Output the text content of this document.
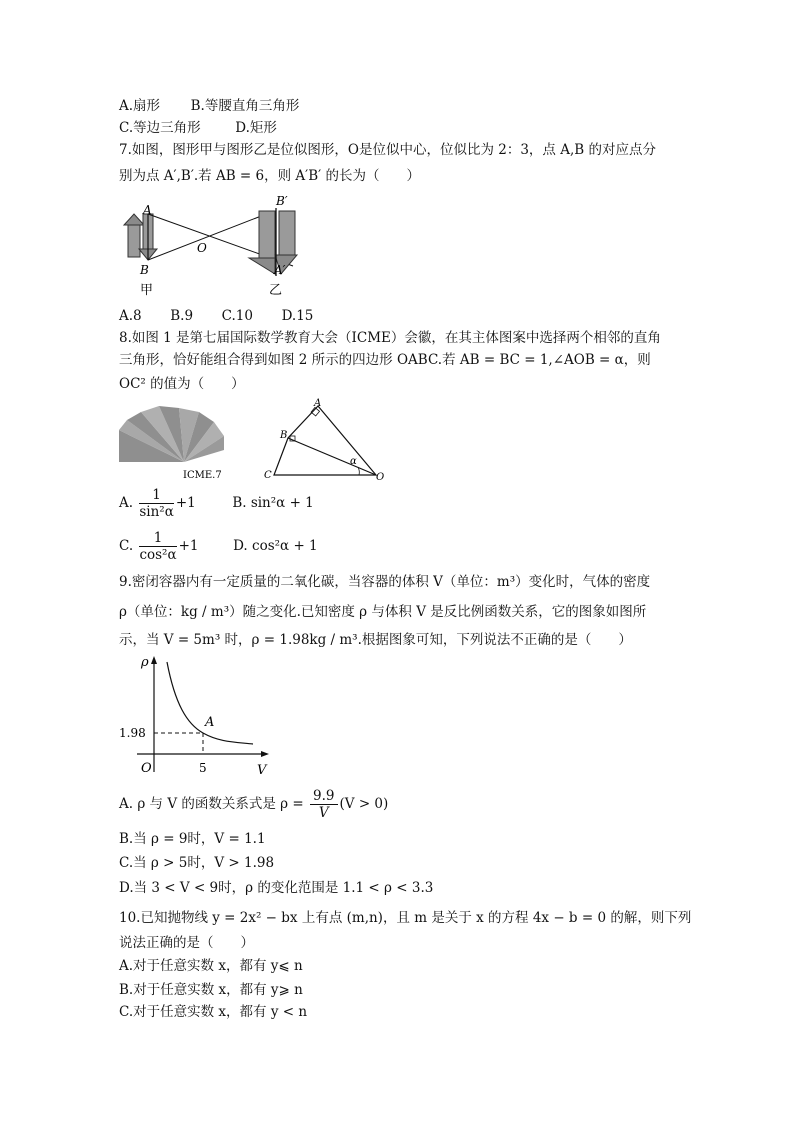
A.扇形 B.等腰直角三角形
C.等边三角形	D.矩形
7.如图，图形甲与图形乙是位似图形，O是位似中心，位似比为 2：3，点 A,B 的对应点分
别为点 A′,B′.若 AB = 6，则 A′B′ 的长为（　　）
A
B
O
B′
A′
甲	乙
A.8 B.9 C.10 D.15
8.如图 1 是第七届国际数学教育大会（ICME）会徽，在其主体图案中选择两个相邻的直角
三角形，恰好能组合得到如图 2 所示的四边形 OABC.若 AB = BC = 1,∠AOB = α，则
OC² 的值为（　　）
ICME.7
A
B
C	O
α
A. $\frac{1}{\text{sin²α}} +1$	B. sin²α + 1
C. $\frac{1}{\text{cos²α}} +1$	D. cos²α + 1
9.密闭容器内有一定质量的二氧化碳，当容器的体积 V（单位：m³）变化时，气体的密度
ρ（单位：kg / m³）随之变化.已知密度 ρ 与体积 V 是反比例函数关系，它的图象如图所
示，当 V = 5m³ 时，ρ = 1.98kg / m³.根据图象可知，下列说法不正确的是（　　）
ρ
V
O
A
1.98
5
A. ρ 与 V 的函数关系式是 $\rho = \frac{9.9}{V} (V > 0)$
B.当 ρ = 9时，V = 1.1
C.当 ρ > 5时，V > 1.98
D.当 3 < V < 9时，ρ 的变化范围是 1.1 < ρ < 3.3
10.已知抛物线 y = 2x² − bx 上有点 (m,n)，且 m 是关于 x 的方程 4x − b = 0 的解，则下列
说法正确的是（　　）
A.对于任意实数 x，都有 y⩽ n
B.对于任意实数 x，都有 y⩾ n
C.对于任意实数 x，都有 y < n
